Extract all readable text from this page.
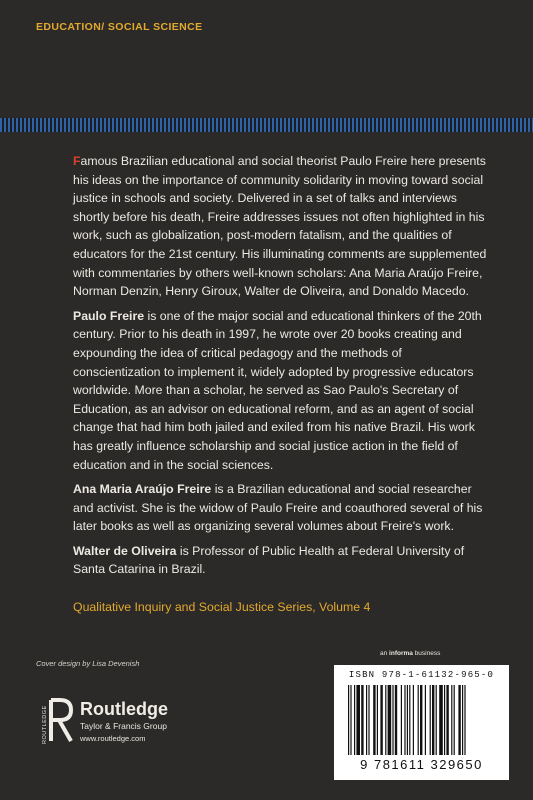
EDUCATION/ SOCIAL SCIENCE

Famous Brazilian educational and social theorist Paulo Freire here presents his ideas on the importance of community solidarity in moving toward social justice in schools and society. Delivered in a set of talks and interviews shortly before his death, Freire addresses issues not often highlighted in his work, such as globalization, post-modern fatalism, and the qualities of educators for the 21st century. His illuminating comments are supplemented with commentaries by others well-known scholars: Ana Maria Araújo Freire, Norman Denzin, Henry Giroux, Walter de Oliveira, and Donaldo Macedo.

Paulo Freire is one of the major social and educational thinkers of the 20th century. Prior to his death in 1997, he wrote over 20 books creating and expounding the idea of critical pedagogy and the methods of conscientization to implement it, widely adopted by progressive educators worldwide. More than a scholar, he served as Sao Paulo's Secretary of Education, as an advisor on educational reform, and as an agent of social change that had him both jailed and exiled from his native Brazil. His work has greatly influence scholarship and social justice action in the field of education and in the social sciences.

Ana Maria Araújo Freire is a Brazilian educational and social researcher and activist. She is the widow of Paulo Freire and coauthored several of his later books as well as organizing several volumes about Freire's work.

Walter de Oliveira is Professor of Public Health at Federal University of Santa Catarina in Brazil.

Qualitative Inquiry and Social Justice Series, Volume 4
Cover design by Lisa Devenish
an informa business
ROUTLEDGE Routledge
Taylor & Francis Group
www.routledge.com
ISBN 978-1-61132-965-0
9 781611 329650
